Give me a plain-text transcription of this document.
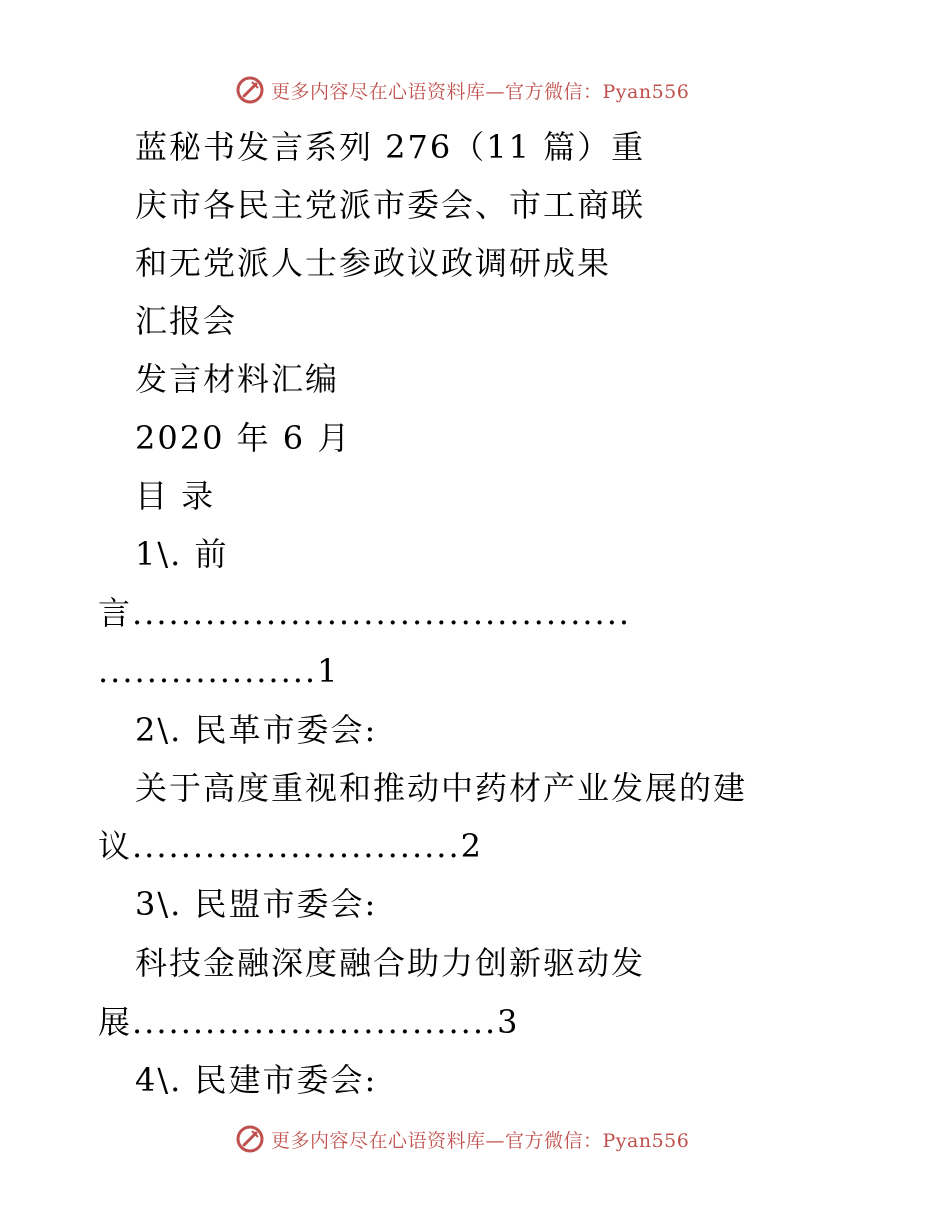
更多内容尽在心语资料库—官方微信：Pyan556
蓝秘书发言系列 276（11 篇）重
庆市各民主党派市委会、市工商联
和无党派人士参政议政调研成果
汇报会
发言材料汇编
2020 年 6 月
目 录
1\. 前
言.........................................
..................1
2\. 民革市委会:
关于高度重视和推动中药材产业发展的建
议...........................2
3\. 民盟市委会:
科技金融深度融合助力创新驱动发
展..............................3
4\. 民建市委会:
更多内容尽在心语资料库—官方微信：Pyan556
